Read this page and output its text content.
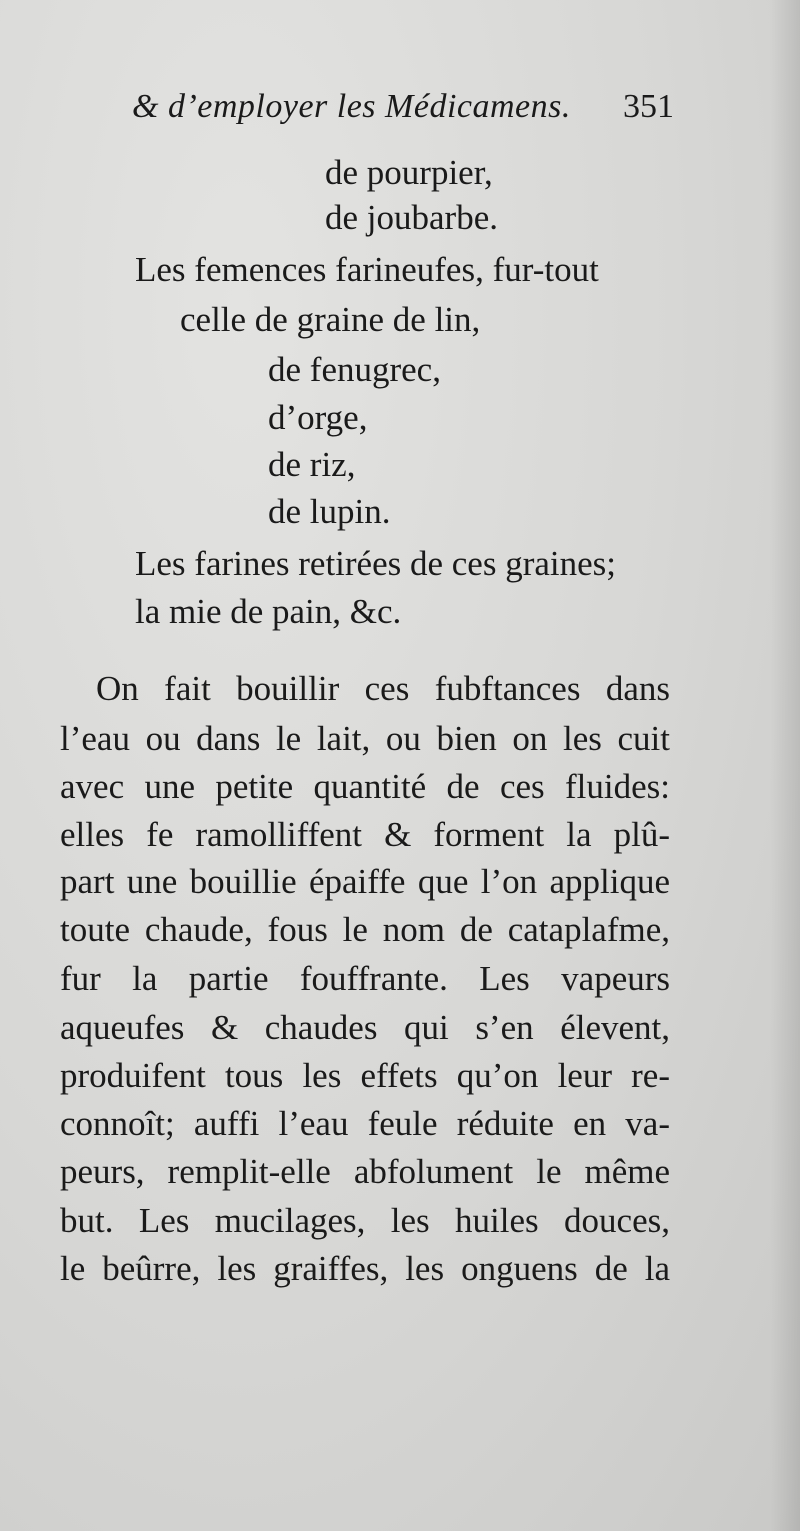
& d’employer les Médicamens. 351
de pourpier,
de joubarbe.
Les femences farineufes, fur-tout
celle de graine de lin,
de fenugrec,
d’orge,
de riz,
de lupin.
Les farines retirées de ces graines;
la mie de pain, &c.
On fait bouillir ces fubftances dans
l’eau ou dans le lait, ou bien on les cuit
avec une petite quantité de ces fluides:
elles fe ramolliffent & forment la plû-
part une bouillie épaiffe que l’on applique
toute chaude, fous le nom de cataplafme,
fur la partie fouffrante. Les vapeurs
aqueufes & chaudes qui s’en élevent,
produifent tous les effets qu’on leur re-
connoît; auffi l’eau feule réduite en va-
peurs, remplit-elle abfolument le même
but. Les mucilages, les huiles douces,
le beûrre, les graiffes, les onguens de la
